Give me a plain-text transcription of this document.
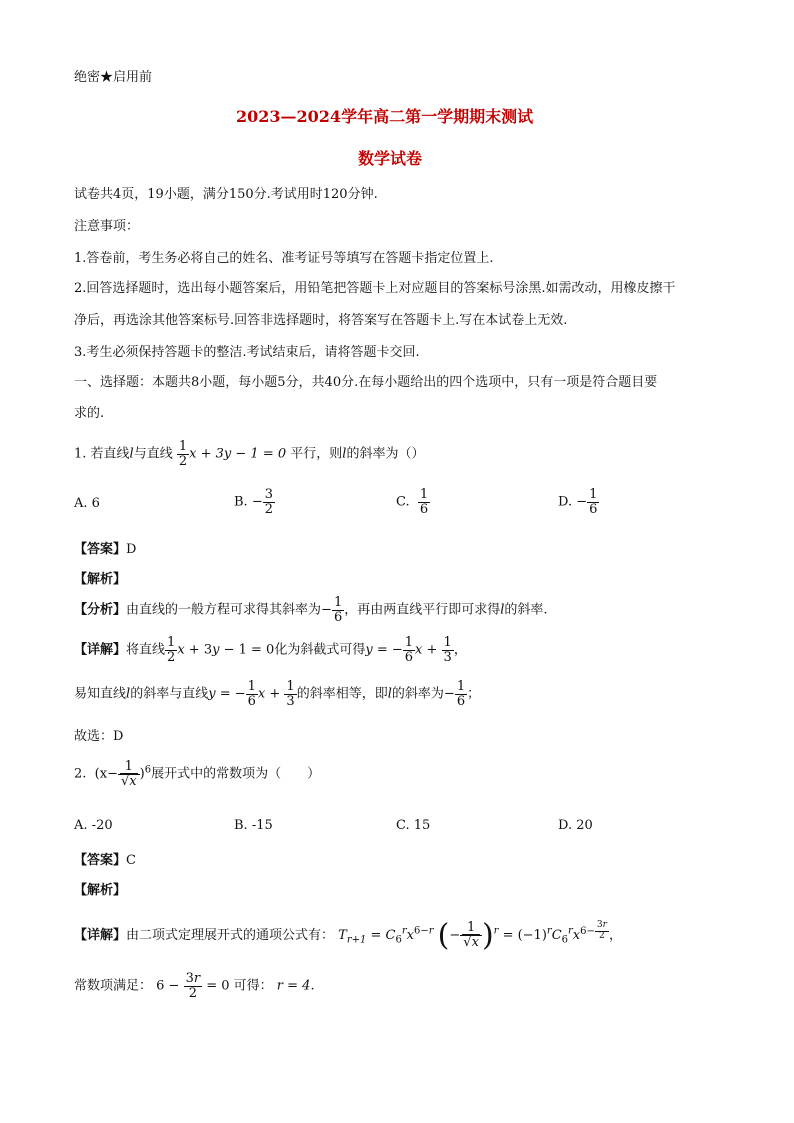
绝密★启用前
2023—2024学年高二第一学期期末测试
数学试卷
试卷共4页，19小题，满分150分.考试用时120分钟.
注意事项：
1.答卷前，考生务必将自己的姓名、准考证号等填写在答题卡指定位置上.
2.回答选择题时，选出每小题答案后，用铅笔把答题卡上对应题目的答案标号涂黑.如需改动，用橡皮擦干
净后，再选涂其他答案标号.回答非选择题时，将答案写在答题卡上.写在本试卷上无效.
3.考生必须保持答题卡的整洁.考试结束后，请将答题卡交回.
一、选择题：本题共8小题，每小题5分，共40分.在每小题给出的四个选项中，只有一项是符合题目要
求的.
1. 若直线l与直线 $\frac{1}{2}$ x + 3y − 1 = 0 平行，则l的斜率为（）
A. 6	B. − $\frac{3}{2}$	C. $\frac{1}{6}$	D. − $\frac{1}{6}$
【答案】D
【解析】
【分析】由直线的一般方程可求得其斜率为− $\frac{1}{6}$ ，再由两直线平行即可求得l的斜率.
【详解】将直线 $\frac{1}{2}$ x + 3y − 1 = 0化为斜截式可得y = − $\frac{1}{6}$ $x + \frac{1}{3}$ ，
易知直线l的斜率与直线y = − $\frac{1}{6}$ $x + \frac{1}{3}$ 的斜率相等，即l的斜率为− $\frac{1}{6}$ ；
故选：D
2.  $(x- \frac{1}{√x} )^6$展开式中的常数项为（　　）
A. -20	B. -15	C. 15	D. 20
【答案】C
【解析】
【详解】由二项式定理展开式的通项公式有： $T_{r+1} = C_6^rx^{6-r}$ (− $\frac{1}{√x} )^r = (-1)^rC_6^rx^{6- \frac{3r}{2}}$ ，
常数项满足： $6 - \frac{3r}{2} = 0$ 可得： r = 4.
